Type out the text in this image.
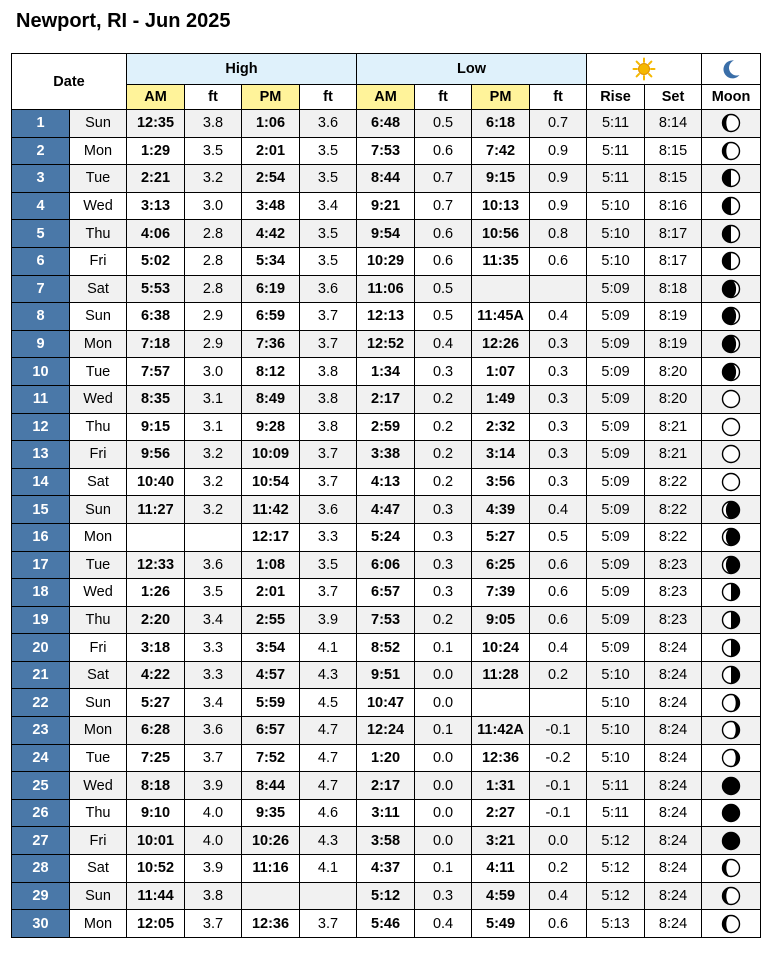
Newport, RI - Jun 2025
Date		High				Low		
		AM	ft	PM	ft	AM	ft	PM	ft	Rise	Set	Moon
1	Sun	12:35	3.8	1:06	3.6	6:48	0.5	6:18	0.7	5:11	8:14	

2	Mon	1:29	3.5	2:01	3.5	7:53	0.6	7:42	0.9	5:11	8:15	

3	Tue	2:21	3.2	2:54	3.5	8:44	0.7	9:15	0.9	5:11	8:15	

4	Wed	3:13	3.0	3:48	3.4	9:21	0.7	10:13	0.9	5:10	8:16	

5	Thu	4:06	2.8	4:42	3.5	9:54	0.6	10:56	0.8	5:10	8:17	

6	Fri	5:02	2.8	5:34	3.5	10:29	0.6	11:35	0.6	5:10	8:17	

7	Sat	5:53	2.8	6:19	3.6	11:06	0.5			5:09	8:18	

8	Sun	6:38	2.9	6:59	3.7	12:13	0.5	11:45A	0.4	5:09	8:19	

9	Mon	7:18	2.9	7:36	3.7	12:52	0.4	12:26	0.3	5:09	8:19	

10	Tue	7:57	3.0	8:12	3.8	1:34	0.3	1:07	0.3	5:09	8:20	

11	Wed	8:35	3.1	8:49	3.8	2:17	0.2	1:49	0.3	5:09	8:20	

12	Thu	9:15	3.1	9:28	3.8	2:59	0.2	2:32	0.3	5:09	8:21	

13	Fri	9:56	3.2	10:09	3.7	3:38	0.2	3:14	0.3	5:09	8:21	

14	Sat	10:40	3.2	10:54	3.7	4:13	0.2	3:56	0.3	5:09	8:22	

15	Sun	11:27	3.2	11:42	3.6	4:47	0.3	4:39	0.4	5:09	8:22	

16	Mon			12:17	3.3	5:24	0.3	5:27	0.5	5:09	8:22	

17	Tue	12:33	3.6	1:08	3.5	6:06	0.3	6:25	0.6	5:09	8:23	

18	Wed	1:26	3.5	2:01	3.7	6:57	0.3	7:39	0.6	5:09	8:23	

19	Thu	2:20	3.4	2:55	3.9	7:53	0.2	9:05	0.6	5:09	8:23	

20	Fri	3:18	3.3	3:54	4.1	8:52	0.1	10:24	0.4	5:09	8:24	

21	Sat	4:22	3.3	4:57	4.3	9:51	0.0	11:28	0.2	5:10	8:24	

22	Sun	5:27	3.4	5:59	4.5	10:47	0.0			5:10	8:24	

23	Mon	6:28	3.6	6:57	4.7	12:24	0.1	11:42A	-0.1	5:10	8:24	

24	Tue	7:25	3.7	7:52	4.7	1:20	0.0	12:36	-0.2	5:10	8:24	

25	Wed	8:18	3.9	8:44	4.7	2:17	0.0	1:31	-0.1	5:11	8:24	

26	Thu	9:10	4.0	9:35	4.6	3:11	0.0	2:27	-0.1	5:11	8:24	

27	Fri	10:01	4.0	10:26	4.3	3:58	0.0	3:21	0.0	5:12	8:24	

28	Sat	10:52	3.9	11:16	4.1	4:37	0.1	4:11	0.2	5:12	8:24	

29	Sun	11:44	3.8			5:12	0.3	4:59	0.4	5:12	8:24	

30	Mon	12:05	3.7	12:36	3.7	5:46	0.4	5:49	0.6	5:13	8:24	
